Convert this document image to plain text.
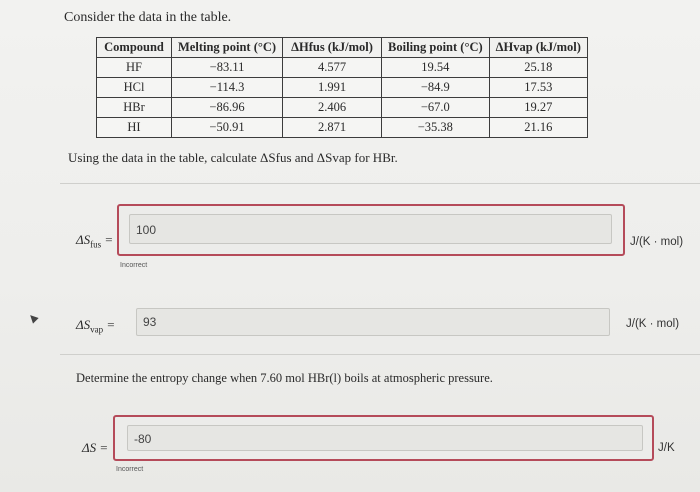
Consider the data in the table.
Compound	Melting point (°C)	ΔHfus (kJ/mol)	Boiling point (°C)	ΔHvap (kJ/mol)
HF	−83.11	4.577	19.54	25.18
HCl	−114.3	1.991	−84.9	17.53
HBr	−86.96	2.406	−67.0	19.27
HI	−50.91	2.871	−35.38	21.16
Using the data in the table, calculate ΔSfus and ΔSvap for HBr.
$\Delta S_{fus}$ =
100
J/(K · mol)
Incorrect
$\Delta S_{vap}$ =	93	J/(K · mol)
Determine the entropy change when 7.60 mol HBr(l) boils at atmospheric pressure.
ΔS =
-80
J/K
Incorrect
